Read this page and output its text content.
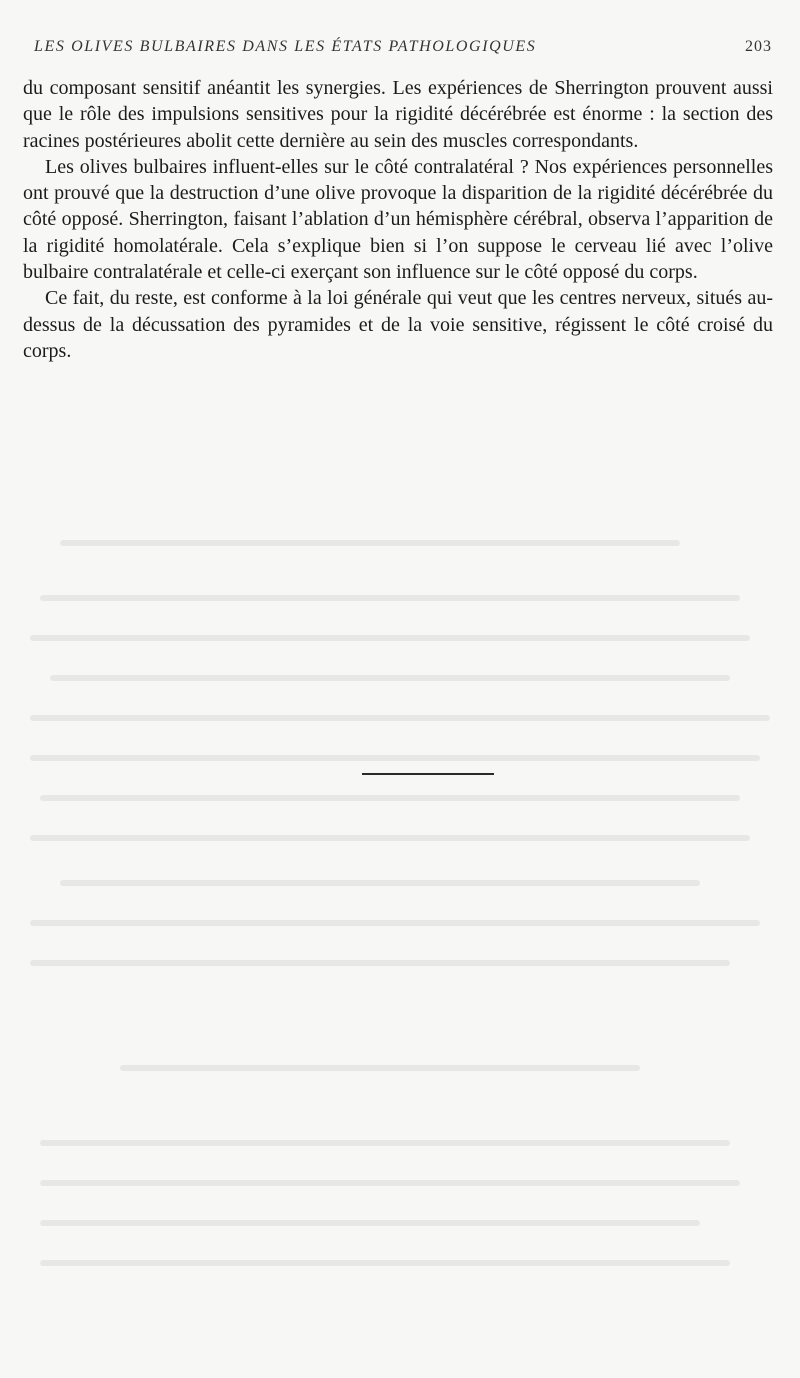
LES OLIVES BULBAIRES DANS LES ÉTATS PATHOLOGIQUES	203

du composant sensitif anéantit les synergies. Les expériences de Sherrington prouvent aussi que le rôle des impulsions sensitives pour la rigidité décérébrée est énorme : la section des racines postérieures abolit cette dernière au sein des muscles correspondants.

Les olives bulbaires influent-elles sur le côté contralatéral ? Nos expériences personnelles ont prouvé que la destruction d’une olive provoque la disparition de la rigidité décérébrée du côté opposé. Sherrington, faisant l’ablation d’un hémisphère cérébral, observa l’apparition de la rigidité homolatérale. Cela s’explique bien si l’on suppose le cerveau lié avec l’olive bulbaire contralatérale et celle-ci exerçant son influence sur le côté opposé du corps.

Ce fait, du reste, est conforme à la loi générale qui veut que les centres nerveux, situés au-dessus de la décussation des pyramides et de la voie sensitive, régissent le côté croisé du corps.
